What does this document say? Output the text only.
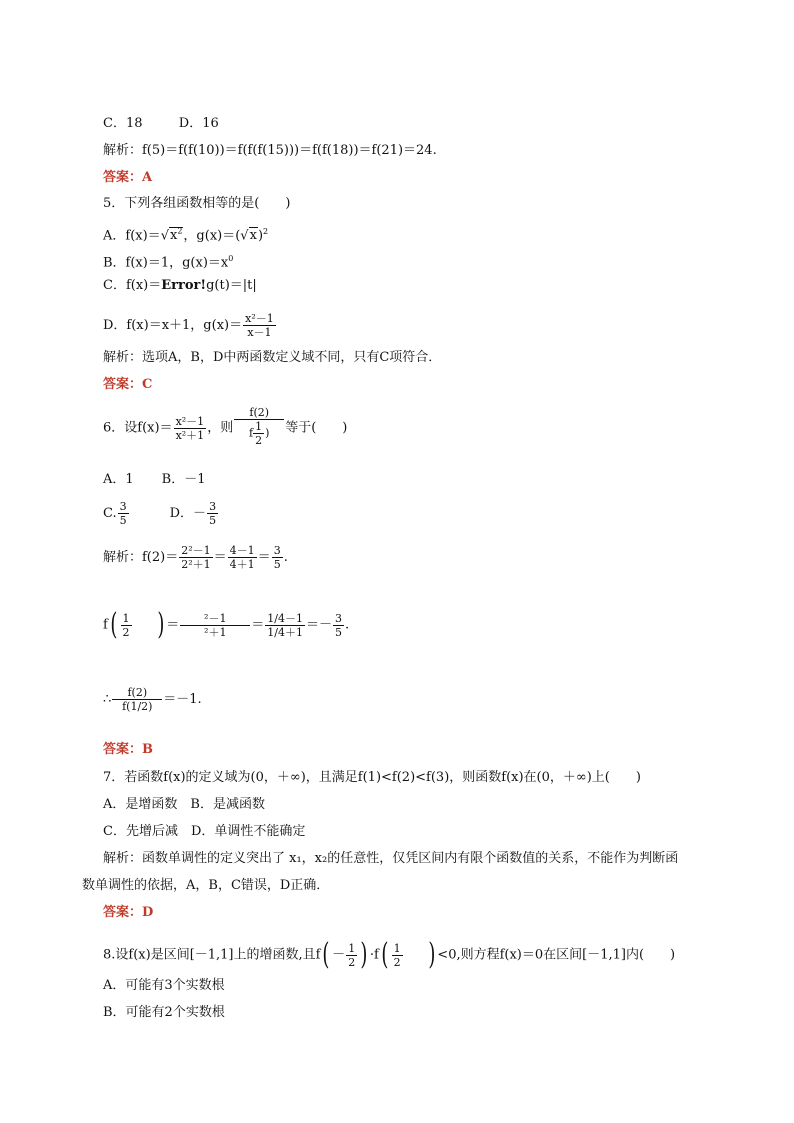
C．18	D．16
解析：f(5)＝f(f(10))＝f(f(f(15)))＝f(f(18))＝f(21)＝24.
答案：A
5．下列各组函数相等的是(　　)
A．$f(x)=√x^2$，$g(x)=(√x)^2$
B．f(x)＝1，$g(x)=x^0$
C．f(x)＝Error!g(t)＝|t|
D．f(x)＝x＋1，$g(x)= \frac{\text{x²－1}}{x-1}$
解析：选项A，B，D中两函数定义域不同，只有C项符合．
答案：C
6．设$f(x)= \frac{\text{x²－1}}{\text{x²＋1}}$ ，则 $\frac{f(2)}{f \frac{1}{2} )}$ 等于(　　)
A．1 B．－1
C. $\frac{3}{5}$	D．－ $\frac{3}{5}$
解析：$f(2)= \frac{\text{2²－1}}{\text{2²＋1}} = \frac{4-1}{4+1} = \frac{3}{5}$ .
$f( \frac{1}{2}$ ) ＝ $\frac{\text{²－1}}{\text{²＋1}} = \frac{1/4-1}{1/4+1} =- \frac{3}{5}$ .
∴ $\frac{f(2)}{f(1/2)} =-1$.
答案：B
7．若函数f(x)的定义域为(0，＋∞)，且满足f(1)<f(2)<f(3)，则函数f(x)在(0，＋∞)上(　　)
A．是增函数　B．是减函数
C．先增后减　D．单调性不能确定
解析：函数单调性的定义突出了 x₁，x₂的任意性，仅凭区间内有限个函数值的关系，不能作为判断函
数单调性的依据，A，B，C错误，D正确．
答案：D
8.设f(x)是区间[－1,1]上的增函数,且$f( - \frac{1}{2}$ ) $\cdot f( \frac{1}{2}$ ) <0,则方程f(x)＝0在区间[－1,1]内(　　)
A．可能有3个实数根
B．可能有2个实数根
